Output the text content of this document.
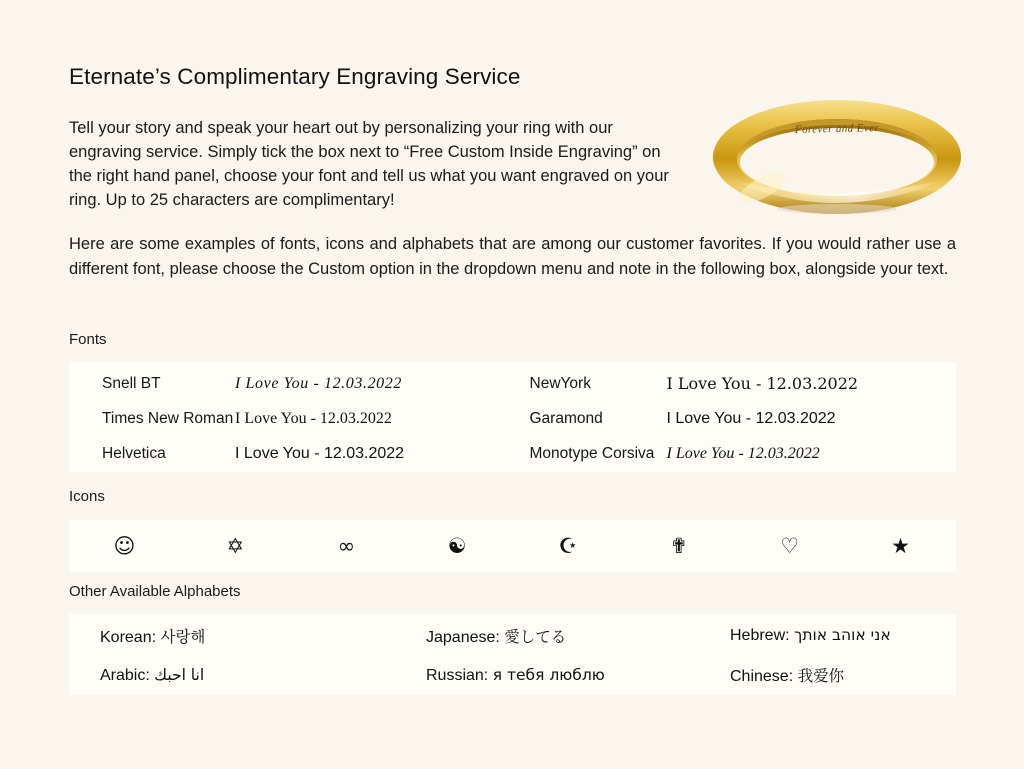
Eternate’s Complimentary Engraving Service
Tell your story and speak your heart out by personalizing your ring with our engraving service. Simply tick the box next to “Free Custom Inside Engraving” on the right hand panel, choose your font and tell us what you want engraved on your ring. Up to 25 characters are complimentary!
Forever and Ever
Here are some examples of fonts, icons and alphabets that are among our customer favorites. If you would rather use a different font, please choose the Custom option in the dropdown menu and note in the following box, alongside your text.
Fonts
Snell BT	I Love You - 12.03.2022	NewYork	I Love You - 12.03.2022
Times New Roman I Love You - 12.03.2022	Garamond	I Love You - 12.03.2022
Helvetica	I Love You - 12.03.2022	Monotype Corsiva I Love You - 12.03.2022
Icons
☺	✡	∞	☯	☪	✟	♡	★
Other Available Alphabets
Korean: 사랑해	Japanese: 愛してる	Hebrew: אני אוהב אותך
Arabic: انا احبك	Russian: я тебя люблю	Chinese: 我爱你
